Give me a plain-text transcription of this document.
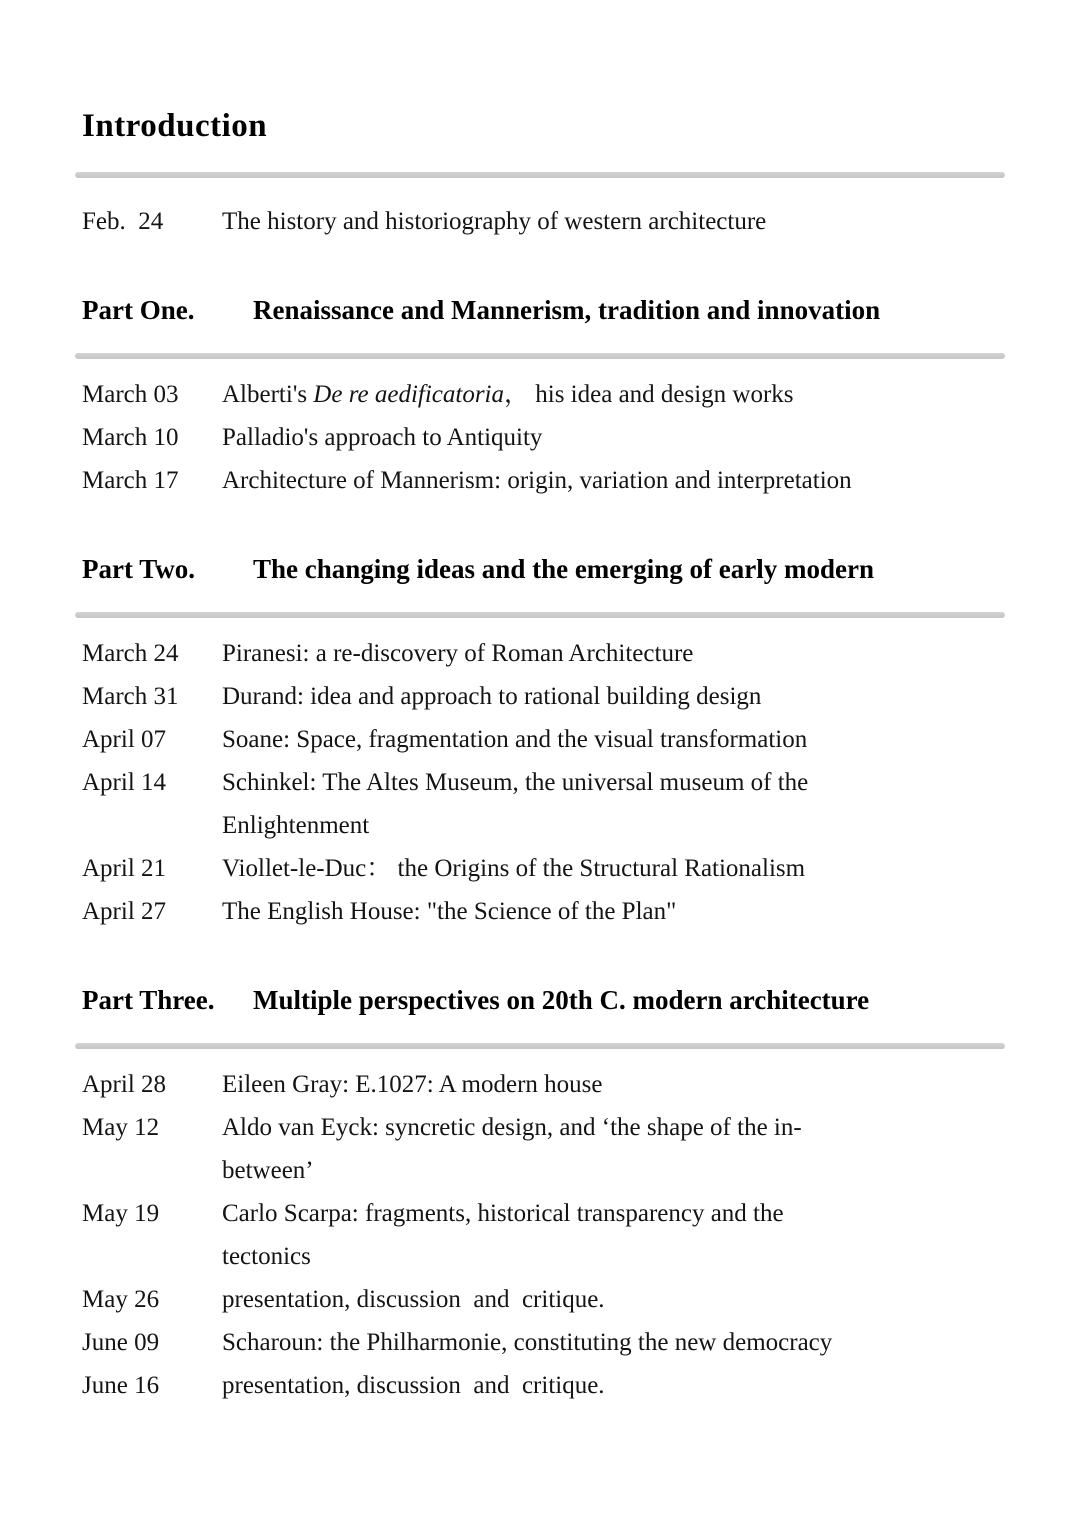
Introduction
Feb.  24	The history and historiography of western architecture
Part One.	Renaissance and Mannerism, tradition and innovation
March 03	Alberti's De re aedificatoria， his idea and design works
March 10	Palladio's approach to Antiquity
March 17	Architecture of Mannerism: origin, variation and interpretation
Part Two.	The changing ideas and the emerging of early modern
March 24	Piranesi: a re-discovery of Roman Architecture
March 31	Durand: idea and approach to rational building design
April 07	Soane: Space, fragmentation and the visual transformation
April 14	Schinkel: The Altes Museum, the universal museum of the
Enlightenment
April 21	Viollet-le-Duc： the Origins of the Structural Rationalism
April 27	The English House: "the Science of the Plan"
Part Three.	Multiple perspectives on 20th C. modern architecture
April 28	Eileen Gray: E.1027: A modern house
May 12	Aldo van Eyck: syncretic design, and ‘the shape of the in-
between’
May 19	Carlo Scarpa: fragments, historical transparency and the
tectonics
May 26	presentation, discussion  and  critique.
June 09	Scharoun: the Philharmonie, constituting the new democracy
June 16	presentation, discussion  and  critique.
